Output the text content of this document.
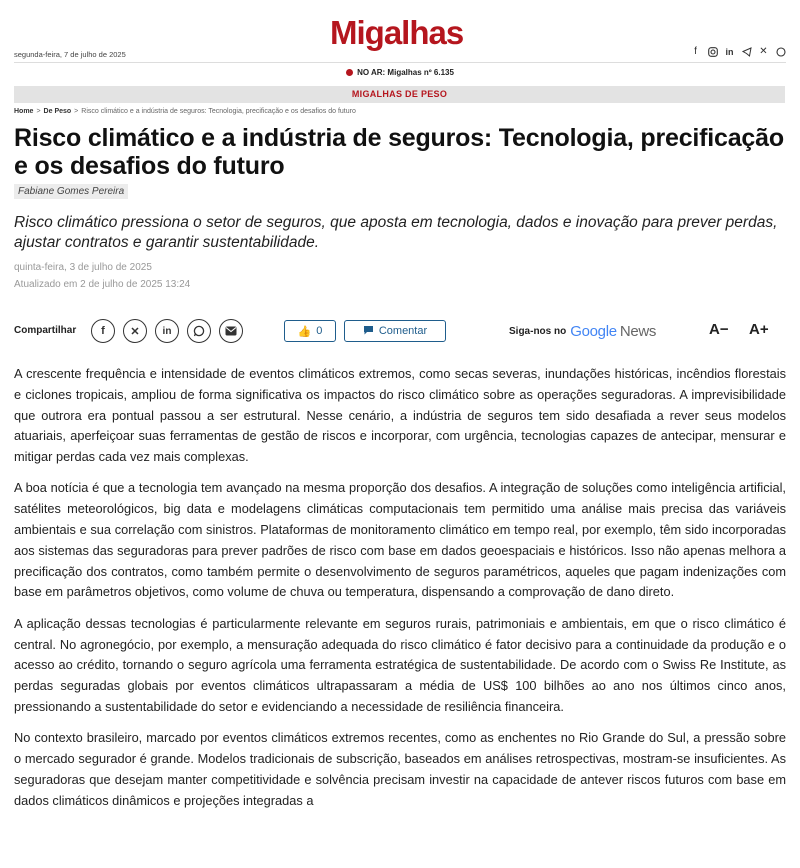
segunda-feira, 7 de julho de 2025
Migalhas
f	in	✕
NO AR: Migalhas nº 6.135
MIGALHAS DE PESO
Home > De Peso > Risco climático e a indústria de seguros: Tecnologia, precificação e os desafios do futuro
Risco climático e a indústria de seguros: Tecnologia, precificação e os desafios do futuro
Fabiane Gomes Pereira
Risco climático pressiona o setor de seguros, que aposta em tecnologia, dados e inovação para prever perdas, ajustar contratos e garantir sustentabilidade.
quinta-feira, 3 de julho de 2025
Atualizado em 2 de julho de 2025 13:24
Compartilhar	f	✕	in	👍 0	Comentar	Siga-nos no Google News	A− A+

A crescente frequência e intensidade de eventos climáticos extremos, como secas severas, inundações históricas, incêndios florestais e ciclones tropicais, ampliou de forma significativa os impactos do risco climático sobre as operações seguradoras. A imprevisibilidade que outrora era pontual passou a ser estrutural. Nesse cenário, a indústria de seguros tem sido desafiada a rever seus modelos atuariais, aperfeiçoar suas ferramentas de gestão de riscos e incorporar, com urgência, tecnologias capazes de antecipar, mensurar e mitigar perdas cada vez mais complexas.

A boa notícia é que a tecnologia tem avançado na mesma proporção dos desafios. A integração de soluções como inteligência artificial, satélites meteorológicos, big data e modelagens climáticas computacionais tem permitido uma análise mais precisa das variáveis ambientais e sua correlação com sinistros. Plataformas de monitoramento climático em tempo real, por exemplo, têm sido incorporadas aos sistemas das seguradoras para prever padrões de risco com base em dados geoespaciais e históricos. Isso não apenas melhora a precificação dos contratos, como também permite o desenvolvimento de seguros paramétricos, aqueles que pagam indenizações com base em parâmetros objetivos, como volume de chuva ou temperatura, dispensando a comprovação de dano direto.

A aplicação dessas tecnologias é particularmente relevante em seguros rurais, patrimoniais e ambientais, em que o risco climático é central. No agronegócio, por exemplo, a mensuração adequada do risco climático é fator decisivo para a continuidade da produção e o acesso ao crédito, tornando o seguro agrícola uma ferramenta estratégica de sustentabilidade. De acordo com o Swiss Re Institute, as perdas seguradas globais por eventos climáticos ultrapassaram a média de US$ 100 bilhões ao ano nos últimos cinco anos, pressionando a sustentabilidade do setor e evidenciando a necessidade de resiliência financeira.

No contexto brasileiro, marcado por eventos climáticos extremos recentes, como as enchentes no Rio Grande do Sul, a pressão sobre o mercado segurador é grande. Modelos tradicionais de subscrição, baseados em análises retrospectivas, mostram-se insuficientes. As seguradoras que desejam manter competitividade e solvência precisam investir na capacidade de antever riscos futuros com base em dados climáticos dinâmicos e projeções integradas a
